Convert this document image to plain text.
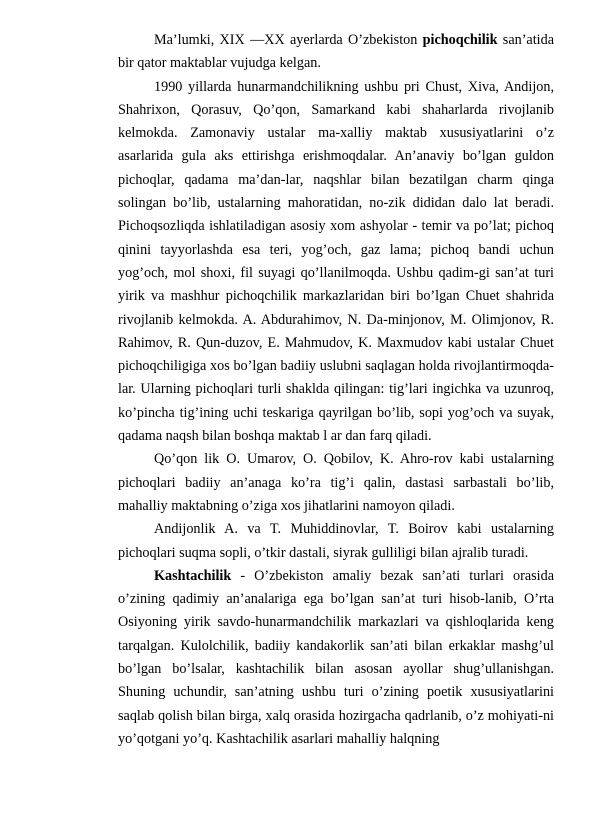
Ma’lumki, XIX —XX ayerlarda O’zbekiston pichoqchilik san’atida bir qator maktablar vujudga kelgan.

1990 yillarda hunarmandchilikning ushbu pri Chust, Xiva, Andijon, Shahrixon, Qorasuv, Qo’qon, Samarkand kabi shaharlarda rivojlanib kelmokda. Zamonaviy ustalar ma-xalliy maktab xususiyatlarini o’z asarlarida gula aks ettirishga erishmoqdalar. An’anaviy bo’lgan guldon pichoqlar, qadama ma’dan-lar, naqshlar bilan bezatilgan charm qinga solingan bo’lib, ustalarning mahoratidan, no-zik dididan dalo lat beradi. Pichoqsozliqda ishlatiladigan asosiy xom ashyolar - temir va po’lat; pichoq qinini tayyorlashda esa teri, yog’och, gaz lama; pichoq bandi uchun yog’och, mol shoxi, fil suyagi qo’llanilmoqda. Ushbu qadim-gi san’at turi yirik va mashhur pichoqchilik markazlaridan biri bo’lgan Chuet shahrida rivojlanib kelmokda. A. Abdurahimov, N. Da-minjonov, M. Olimjonov, R. Rahimov, R. Qun-duzov, E. Mahmudov, K. Maxmudov kabi ustalar Chuet pichoqchiligiga xos bo’lgan badiiy uslubni saqlagan holda rivojlantirmoqda-lar. Ularning pichoqlari turli shaklda qilingan: tig’lari ingichka va uzunroq, ko’pincha tig’ining uchi teskariga qayrilgan bo’lib, sopi yog’och va suyak, qadama naqsh bilan boshqa maktab l ar dan farq qiladi.

Qo’qon lik O. Umarov, O. Qobilov, K. Ahro-rov kabi ustalarning pichoqlari badiiy an’anaga ko’ra tig’i qalin, dastasi sarbastali bo’lib, mahalliy maktabning o’ziga xos jihatlarini namoyon qiladi.

Andijonlik A. va T. Muhiddinovlar, T. Boirov kabi ustalarning pichoqlari suqma sopli, o’tkir dastali, siyrak gulliligi bilan ajralib turadi.

Kashtachilik - O’zbekiston amaliy bezak san’ati turlari orasida o’zining qadimiy an’analariga ega bo’lgan san’at turi hisob-lanib, O’rta Osiyoning yirik savdo-hunarmandchilik markazlari va qishloqlarida keng tarqalgan. Kulolchilik, badiiy kandakorlik san’ati bilan erkaklar mashg’ul bo’lgan bo’lsalar, kashtachilik bilan asosan ayollar shug’ullanishgan. Shuning uchundir, san’atning ushbu turi o’zining poetik xususiyatlarini saqlab qolish bilan birga, xalq orasida hozirgacha qadrlanib, o’z mohiyati-ni yo’qotgani yo’q. Kashtachilik asarlari mahalliy halqning
